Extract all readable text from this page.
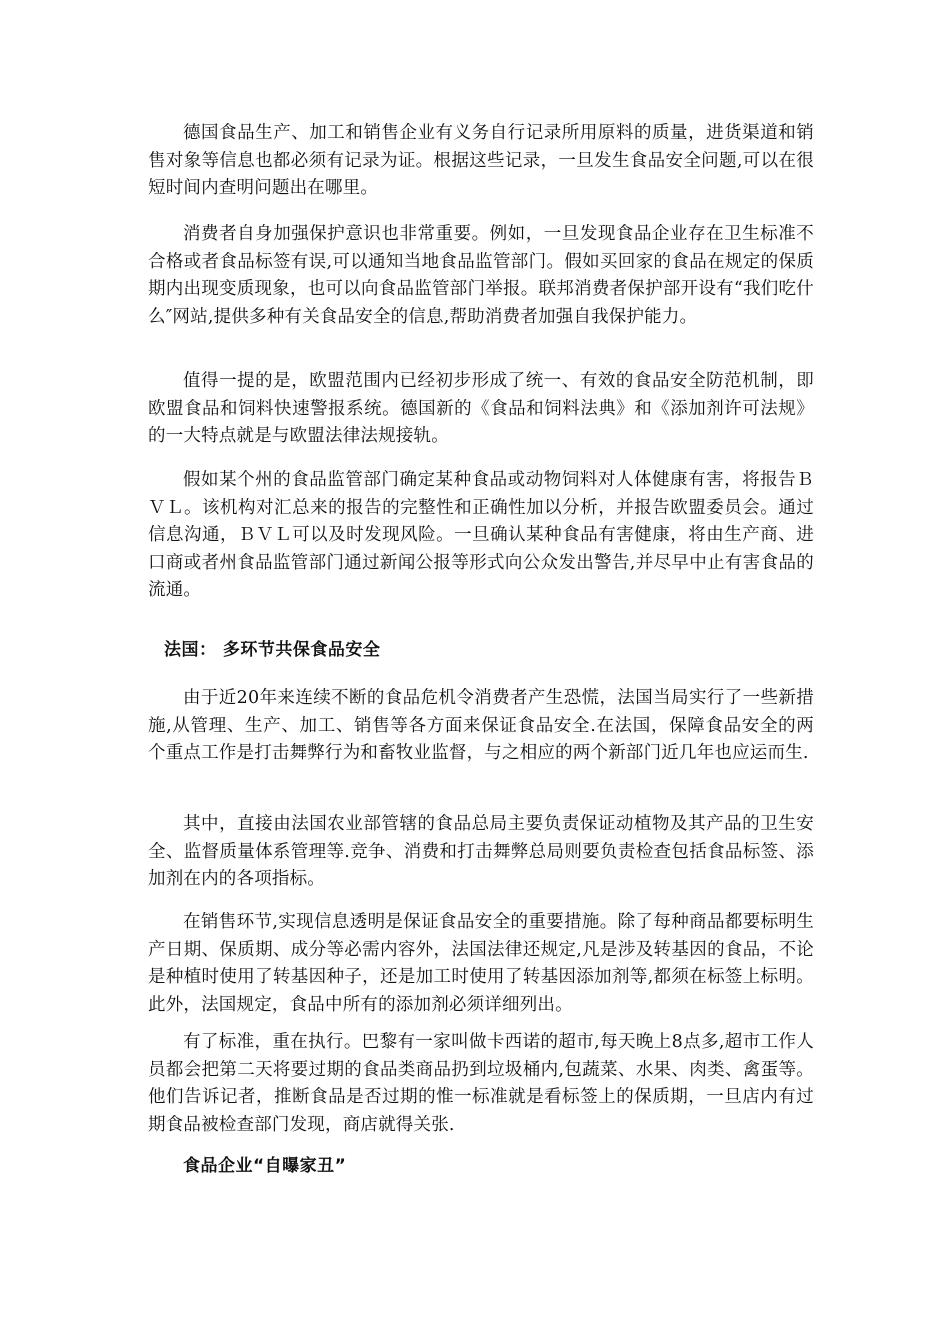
德国食品生产、加工和销售企业有义务自行记录所用原料的质量，进货渠道和销售对象等信息也都必须有记录为证。根据这些记录，一旦发生食品安全问题,可以在很短时间内查明问题出在哪里。

消费者自身加强保护意识也非常重要。例如，一旦发现食品企业存在卫生标准不合格或者食品标签有误,可以通知当地食品监管部门。假如买回家的食品在规定的保质期内出现变质现象，也可以向食品监管部门举报。联邦消费者保护部开设有“我们吃什么″网站,提供多种有关食品安全的信息,帮助消费者加强自我保护能力。

值得一提的是，欧盟范围内已经初步形成了统一、有效的食品安全防范机制，即欧盟食品和饲料快速警报系统。德国新的《食品和饲料法典》和《添加剂许可法规》的一大特点就是与欧盟法律法规接轨。

假如某个州的食品监管部门确定某种食品或动物饲料对人体健康有害，将报告ＢＶＬ。该机构对汇总来的报告的完整性和正确性加以分析，并报告欧盟委员会。通过信息沟通，ＢＶＬ可以及时发现风险。一旦确认某种食品有害健康，将由生产商、进口商或者州食品监管部门通过新闻公报等形式向公众发出警告,并尽早中止有害食品的流通。

法国： 多环节共保食品安全

由于近20年来连续不断的食品危机令消费者产生恐慌，法国当局实行了一些新措施,从管理、生产、加工、销售等各方面来保证食品安全.在法国，保障食品安全的两个重点工作是打击舞弊行为和畜牧业监督，与之相应的两个新部门近几年也应运而生.

其中，直接由法国农业部管辖的食品总局主要负责保证动植物及其产品的卫生安全、监督质量体系管理等.竞争、消费和打击舞弊总局则要负责检查包括食品标签、添加剂在内的各项指标。

在销售环节,实现信息透明是保证食品安全的重要措施。除了每种商品都要标明生产日期、保质期、成分等必需内容外，法国法律还规定,凡是涉及转基因的食品，不论是种植时使用了转基因种子，还是加工时使用了转基因添加剂等,都须在标签上标明。此外，法国规定，食品中所有的添加剂必须详细列出。

有了标准，重在执行。巴黎有一家叫做卡西诺的超市,每天晚上8点多,超市工作人员都会把第二天将要过期的食品类商品扔到垃圾桶内,包蔬菜、水果、肉类、禽蛋等。他们告诉记者，推断食品是否过期的惟一标准就是看标签上的保质期，一旦店内有过期食品被检查部门发现，商店就得关张.

食品企业“自曝家丑”
